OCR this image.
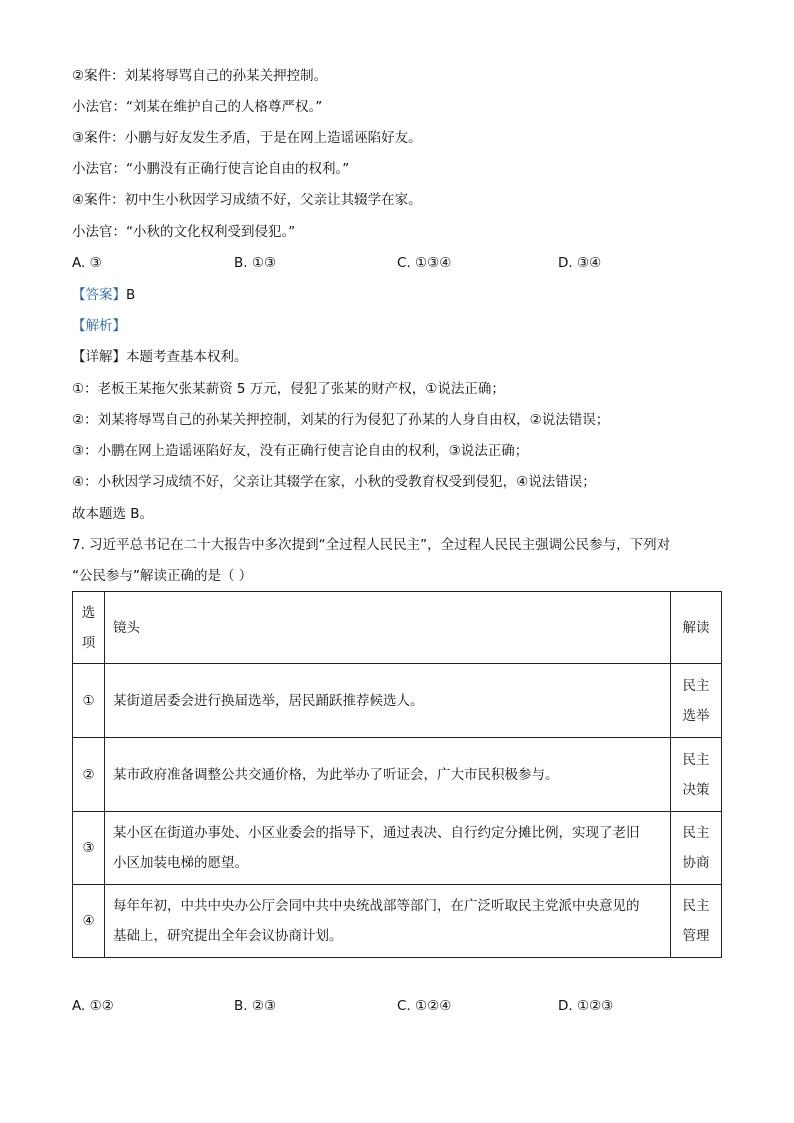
②案件：刘某将辱骂自己的孙某关押控制。
小法官：“刘某在维护自己的人格尊严权。”
③案件：小鹏与好友发生矛盾，于是在网上造谣诬陷好友。
小法官：“小鹏没有正确行使言论自由的权利。”
④案件：初中生小秋因学习成绩不好，父亲让其辍学在家。
小法官：“小秋的文化权利受到侵犯。”
A. ③	B. ①③	C. ①③④	D. ③④
【答案】B
【解析】
【详解】本题考查基本权利。
①：老板王某拖欠张某薪资 5 万元，侵犯了张某的财产权，①说法正确；
②：刘某将辱骂自己的孙某关押控制，刘某的行为侵犯了孙某的人身自由权，②说法错误；
③：小鹏在网上造谣诬陷好友，没有正确行使言论自由的权利，③说法正确；
④：小秋因学习成绩不好，父亲让其辍学在家，小秋的受教育权受到侵犯，④说法错误；
故本题选 B。
7. 习近平总书记在二十大报告中多次提到“全过程人民民主”，全过程人民民主强调公民参与，下列对
“公民参与”解读正确的是（ ）
选
项	镜头	解读
①	某街道居委会进行换届选举，居民踊跃推荐候选人。	民主
选举
②	某市政府准备调整公共交通价格，为此举办了听证会，广大市民积极参与。	民主
决策
③	某小区在街道办事处、小区业委会的指导下，通过表决、自行约定分摊比例，实现了老旧
小区加装电梯的愿望。	民主
协商
④	每年年初，中共中央办公厅会同中共中央统战部等部门，在广泛听取民主党派中央意见的
基础上，研究提出全年会议协商计划。	民主
管理
A. ①②	B. ②③	C. ①②④	D. ①②③
